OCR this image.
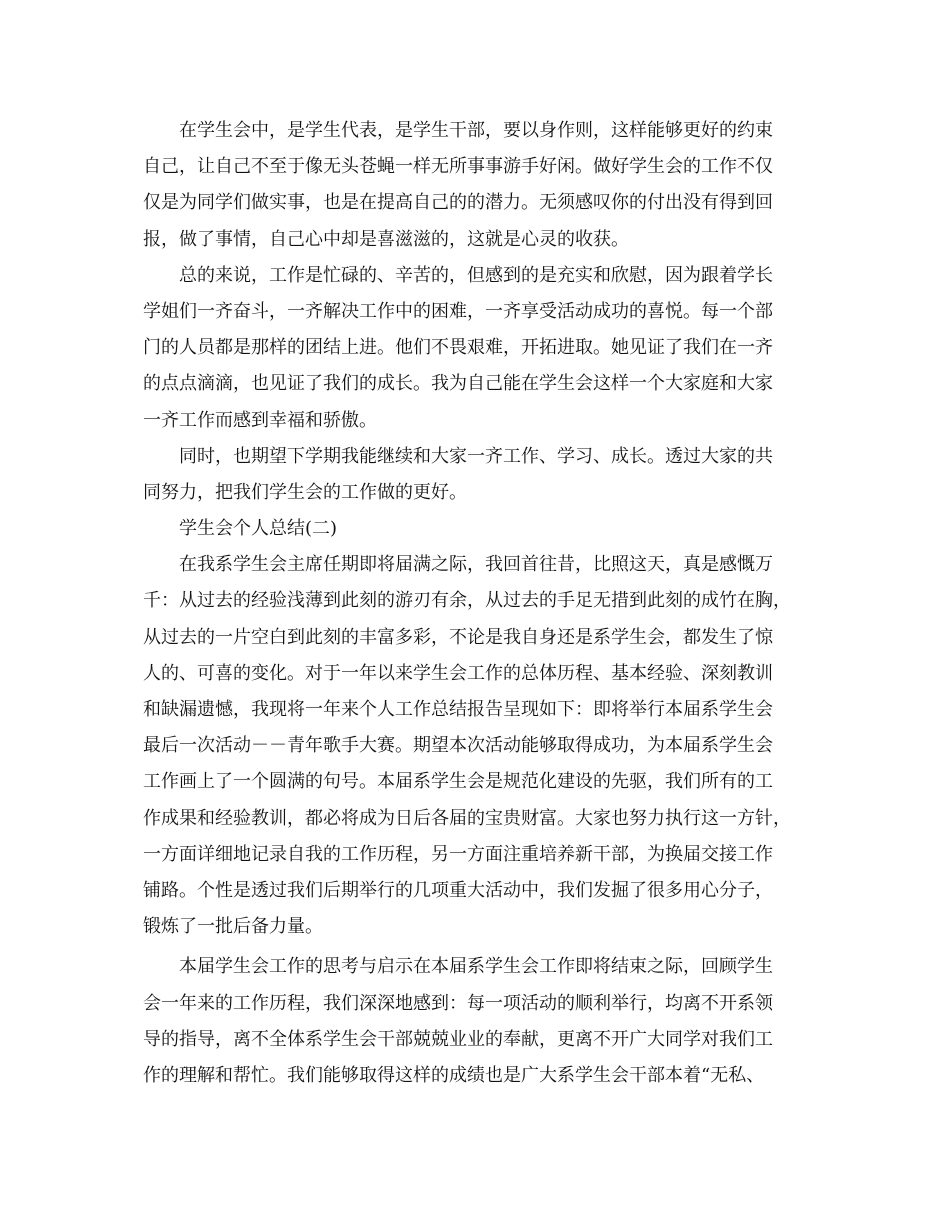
在学生会中，是学生代表，是学生干部，要以身作则，这样能够更好的约束
自己，让自己不至于像无头苍蝇一样无所事事游手好闲。做好学生会的工作不仅
仅是为同学们做实事，也是在提高自己的的潜力。无须感叹你的付出没有得到回
报，做了事情，自己心中却是喜滋滋的，这就是心灵的收获。
总的来说，工作是忙碌的、辛苦的，但感到的是充实和欣慰，因为跟着学长
学姐们一齐奋斗，一齐解决工作中的困难，一齐享受活动成功的喜悦。每一个部
门的人员都是那样的团结上进。他们不畏艰难，开拓进取。她见证了我们在一齐
的点点滴滴，也见证了我们的成长。我为自己能在学生会这样一个大家庭和大家
一齐工作而感到幸福和骄傲。
同时，也期望下学期我能继续和大家一齐工作、学习、成长。透过大家的共
同努力，把我们学生会的工作做的更好。
学生会个人总结(二)
在我系学生会主席任期即将届满之际，我回首往昔，比照这天，真是感慨万
千：从过去的经验浅薄到此刻的游刃有余，从过去的手足无措到此刻的成竹在胸，
从过去的一片空白到此刻的丰富多彩，不论是我自身还是系学生会，都发生了惊
人的、可喜的变化。对于一年以来学生会工作的总体历程、基本经验、深刻教训
和缺漏遗憾，我现将一年来个人工作总结报告呈现如下：即将举行本届系学生会
最后一次活动－－青年歌手大赛。期望本次活动能够取得成功，为本届系学生会
工作画上了一个圆满的句号。本届系学生会是规范化建设的先驱，我们所有的工
作成果和经验教训，都必将成为日后各届的宝贵财富。大家也努力执行这一方针，
一方面详细地记录自我的工作历程，另一方面注重培养新干部，为换届交接工作
铺路。个性是透过我们后期举行的几项重大活动中，我们发掘了很多用心分子，
锻炼了一批后备力量。
本届学生会工作的思考与启示在本届系学生会工作即将结束之际，回顾学生
会一年来的工作历程，我们深深地感到：每一项活动的顺利举行，均离不开系领
导的指导，离不全体系学生会干部兢兢业业的奉献，更离不开广大同学对我们工
作的理解和帮忙。我们能够取得这样的成绩也是广大系学生会干部本着“无私、
